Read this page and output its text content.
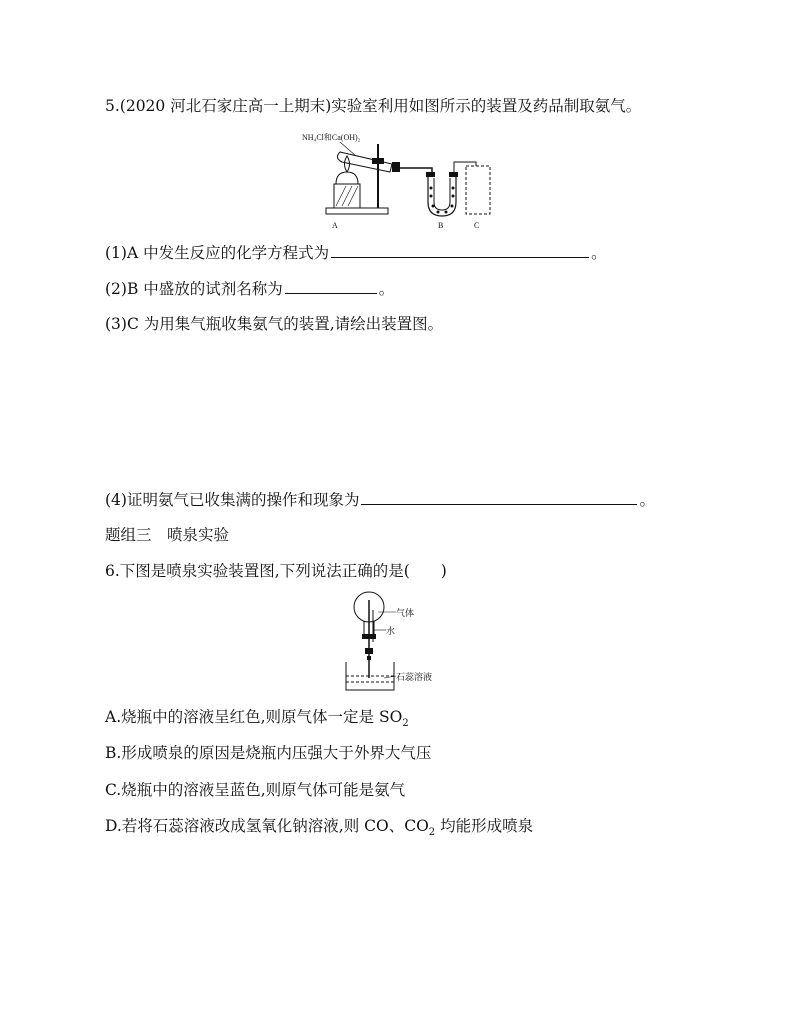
5.(2020 河北石家庄高一上期末)实验室利用如图所示的装置及药品制取氨气。
NH₄Cl和Ca(OH)₂
A	B	C
(1)A 中发生反应的化学方程式为	。
(2)B 中盛放的试剂名称为	。
(3)C 为用集气瓶收集氨气的装置,请绘出装置图。
(4)证明氨气已收集满的操作和现象为	。
题组三　喷泉实验
6.下图是喷泉实验装置图,下列说法正确的是(　　)
气体
水
石蕊溶液
A.烧瓶中的溶液呈红色,则原气体一定是 $SO_2$
B.形成喷泉的原因是烧瓶内压强大于外界大气压
C.烧瓶中的溶液呈蓝色,则原气体可能是氨气
D.若将石蕊溶液改成氢氧化钠溶液,则 CO、$CO_2$ 均能形成喷泉
